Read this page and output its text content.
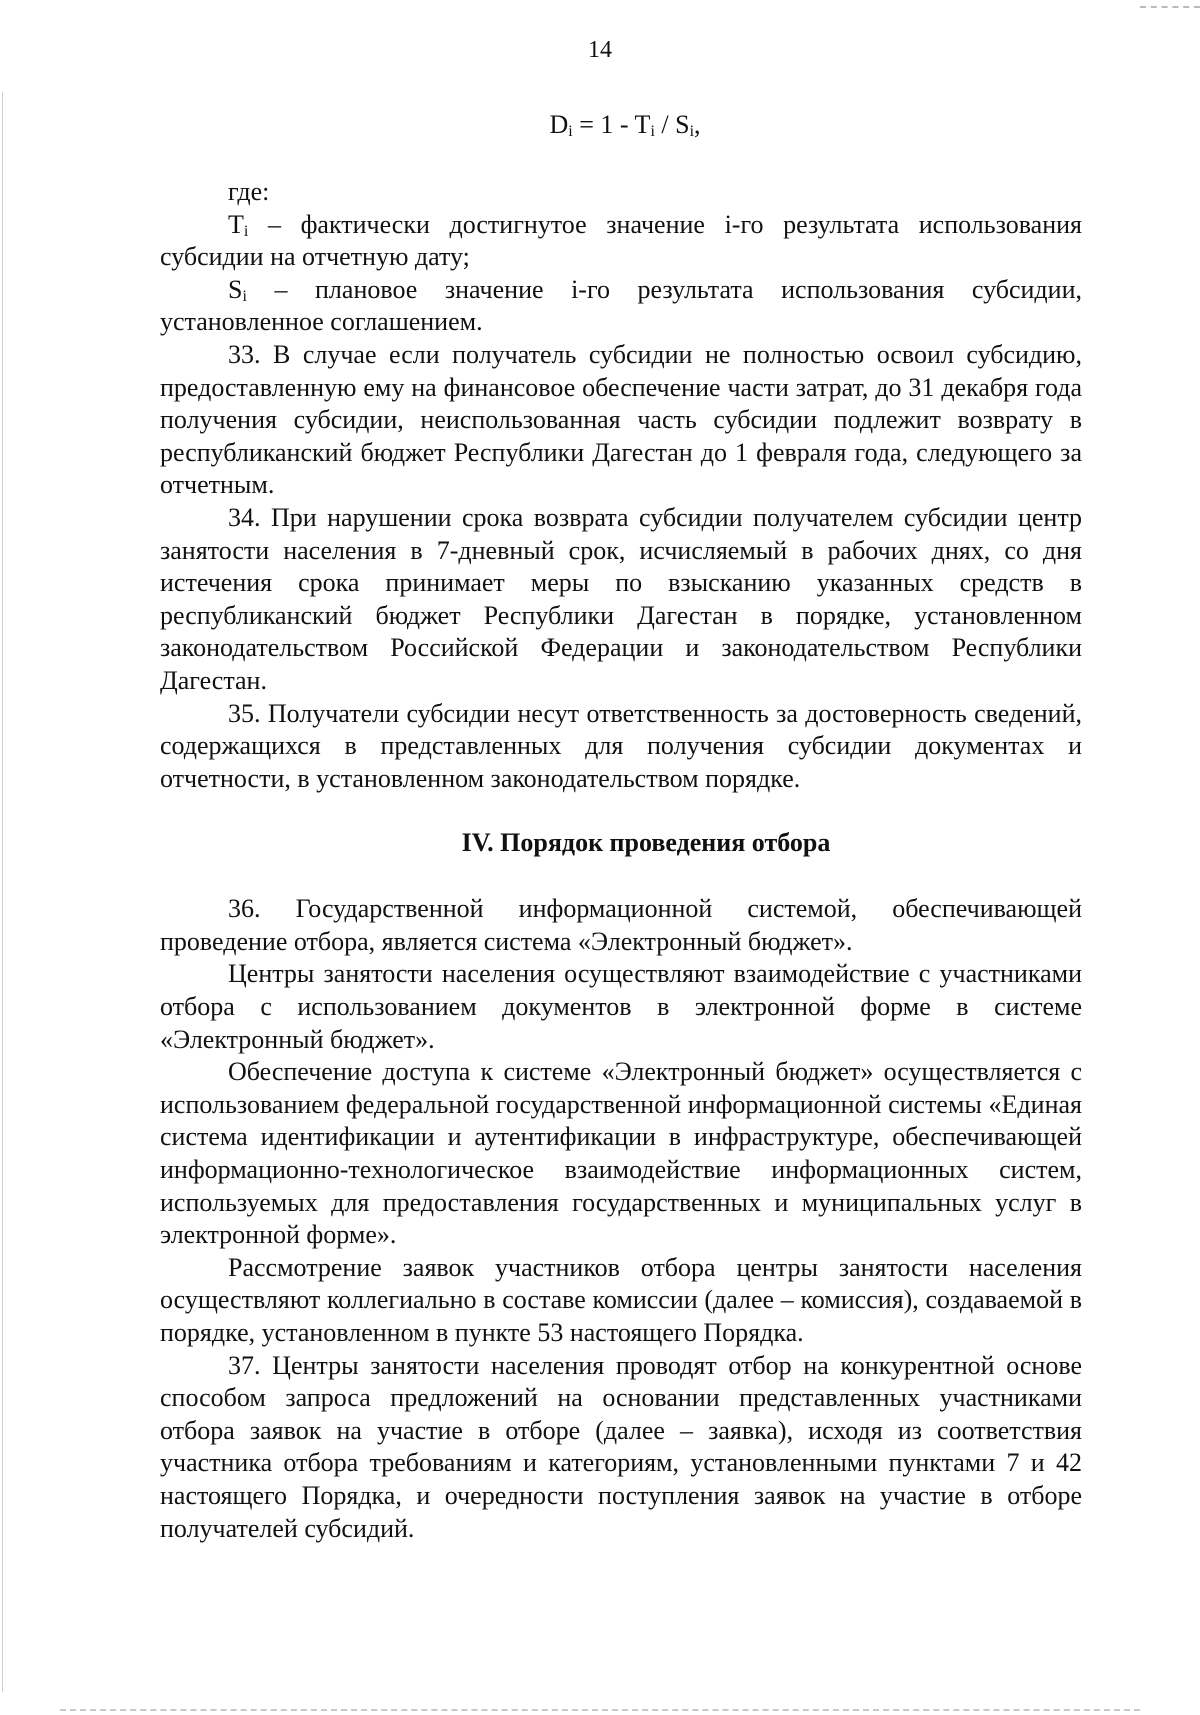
14
$D_i = 1 - T_i / S_i$,

где:

$T_i$ – фактически достигнутое значение i-го результата использования субсидии на отчетную дату;

$S_i$ – плановое значение i-го результата использования субсидии, установленное соглашением.

33. В случае если получатель субсидии не полностью освоил субсидию, предоставленную ему на финансовое обеспечение части затрат, до 31 декабря года получения субсидии, неиспользованная часть субсидии подлежит возврату в республиканский бюджет Республики Дагестан до 1 февраля года, следующего за отчетным.

34. При нарушении срока возврата субсидии получателем субсидии центр занятости населения в 7-дневный срок, исчисляемый в рабочих днях, со дня истечения срока принимает меры по взысканию указанных средств в республиканский бюджет Республики Дагестан в порядке, установленном законодательством Российской Федерации и законодательством Республики Дагестан.

35. Получатели субсидии несут ответственность за достоверность сведений, содержащихся в представленных для получения субсидии документах и отчетности, в установленном законодательством порядке.

IV. Порядок проведения отбора

36. Государственной информационной системой, обеспечивающей проведение отбора, является система «Электронный бюджет».

Центры занятости населения осуществляют взаимодействие с участниками отбора с использованием документов в электронной форме в системе «Электронный бюджет».

Обеспечение доступа к системе «Электронный бюджет» осуществляется с использованием федеральной государственной информационной системы «Единая система идентификации и аутентификации в инфраструктуре, обеспечивающей информационно-технологическое взаимодействие информационных систем, используемых для предоставления государственных и муниципальных услуг в электронной форме».

Рассмотрение заявок участников отбора центры занятости населения осуществляют коллегиально в составе комиссии (далее – комиссия), создаваемой в порядке, установленном в пункте 53 настоящего Порядка.

37. Центры занятости населения проводят отбор на конкурентной основе способом запроса предложений на основании представленных участниками отбора заявок на участие в отборе (далее – заявка), исходя из соответствия участника отбора требованиям и категориям, установленными пунктами 7 и 42 настоящего Порядка, и очередности поступления заявок на участие в отборе получателей субсидий.
